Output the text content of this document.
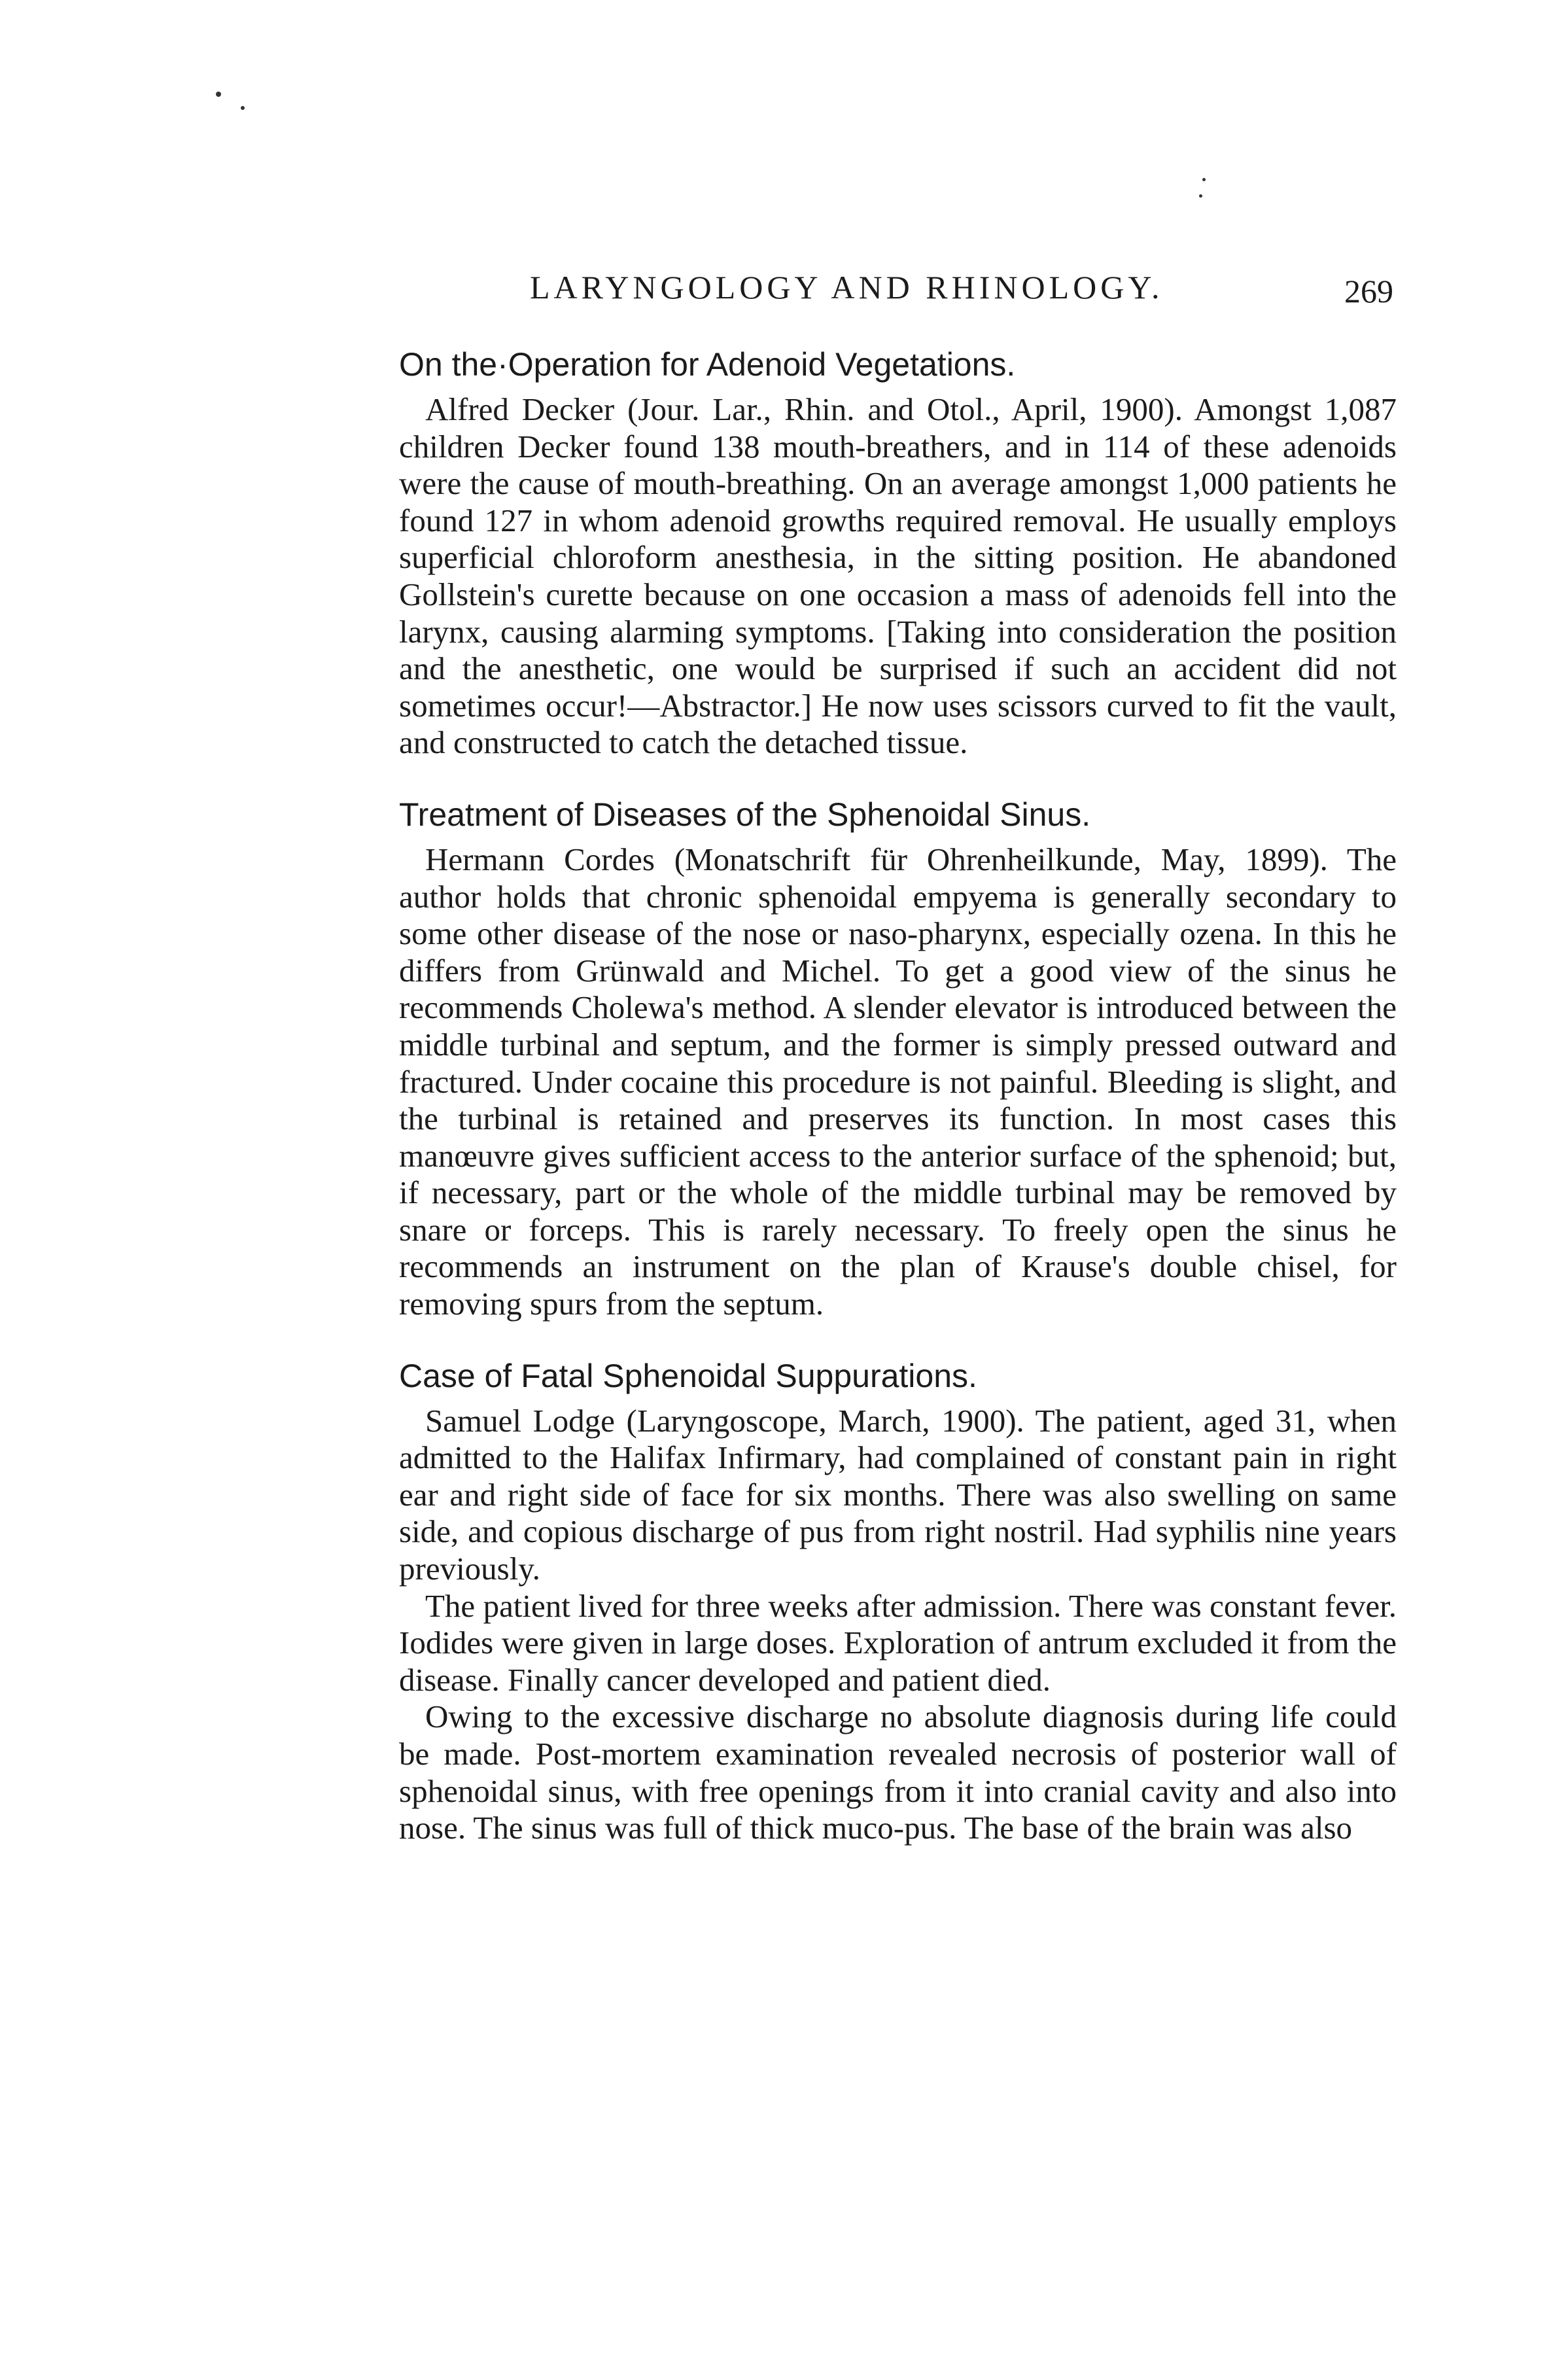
LARYNGOLOGY AND RHINOLOGY.	269
On the·Operation for Adenoid Vegetations.

Alfred Decker (Jour. Lar., Rhin. and Otol., April, 1900). Amongst 1,087 children Decker found 138 mouth-breathers, and in 114 of these adenoids were the cause of mouth-breathing. On an average amongst 1,000 patients he found 127 in whom adenoid growths required removal. He usually employs superficial chloroform anesthesia, in the sitting position. He abandoned Gollstein's curette because on one occasion a mass of adenoids fell into the larynx, causing alarming symptoms. [Taking into consideration the position and the anesthetic, one would be surprised if such an accident did not sometimes occur!—Abstractor.] He now uses scissors curved to fit the vault, and constructed to catch the detached tissue.

Treatment of Diseases of the Sphenoidal Sinus.

Hermann Cordes (Monatschrift für Ohrenheilkunde, May, 1899). The author holds that chronic sphenoidal empyema is generally secondary to some other disease of the nose or naso-pharynx, especially ozena. In this he differs from Grünwald and Michel. To get a good view of the sinus he recommends Cholewa's method. A slender elevator is introduced between the middle turbinal and septum, and the former is simply pressed outward and fractured. Under cocaine this procedure is not painful. Bleeding is slight, and the turbinal is retained and preserves its function. In most cases this manœuvre gives sufficient access to the anterior surface of the sphenoid; but, if necessary, part or the whole of the middle turbinal may be removed by snare or forceps. This is rarely necessary. To freely open the sinus he recommends an instrument on the plan of Krause's double chisel, for removing spurs from the septum.

Case of Fatal Sphenoidal Suppurations.

Samuel Lodge (Laryngoscope, March, 1900). The patient, aged 31, when admitted to the Halifax Infirmary, had complained of constant pain in right ear and right side of face for six months. There was also swelling on same side, and copious discharge of pus from right nostril. Had syphilis nine years previously.

The patient lived for three weeks after admission. There was constant fever. Iodides were given in large doses. Exploration of antrum excluded it from the disease. Finally cancer developed and patient died.

Owing to the excessive discharge no absolute diagnosis during life could be made. Post-mortem examination revealed necrosis of posterior wall of sphenoidal sinus, with free openings from it into cranial cavity and also into nose. The sinus was full of thick muco-pus. The base of the brain was also
